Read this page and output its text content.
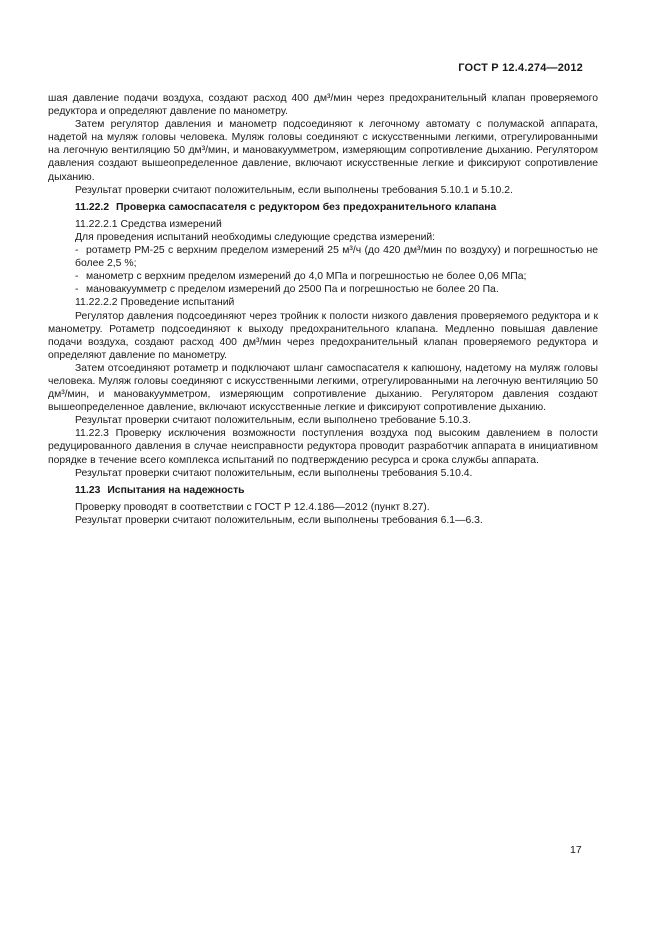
ГОСТ Р 12.4.274—2012

шая давление подачи воздуха, создают расход 400 дм³/мин через предохранительный клапан проверяемого редуктора и определяют давление по манометру.

Затем регулятор давления и манометр подсоединяют к легочному автомату с полумаской аппарата, надетой на муляж головы человека. Муляж головы соединяют с искусственными легкими, отрегулированными на легочную вентиляцию 50 дм³/мин, и мановакуумметром, измеряющим сопротивление дыханию. Регулятором давления создают вышеопределенное давление, включают искусственные легкие и фиксируют сопротивление дыханию.

Результат проверки считают положительным, если выполнены требования 5.10.1 и 5.10.2.

11.22.2 Проверка самоспасателя с редуктором без предохранительного клапана

11.22.2.1 Средства измерений

Для проведения испытаний необходимы следующие средства измерений:

- ротаметр РМ-25 с верхним пределом измерений 25 м³/ч (до 420 дм³/мин по воздуху) и погрешностью не более 2,5 %;

- манометр с верхним пределом измерений до 4,0 МПа и погрешностью не более 0,06 МПа;

- мановакуумметр с пределом измерений до 2500 Па и погрешностью не более 20 Па.

11.22.2.2 Проведение испытаний

Регулятор давления подсоединяют через тройник к полости низкого давления проверяемого редуктора и к манометру. Ротаметр подсоединяют к выходу предохранительного клапана. Медленно повышая давление подачи воздуха, создают расход 400 дм³/мин через предохранительный клапан проверяемого редуктора и определяют давление по манометру.

Затем отсоединяют ротаметр и подключают шланг самоспасателя к капюшону, надетому на муляж головы человека. Муляж головы соединяют с искусственными легкими, отрегулированными на легочную вентиляцию 50 дм³/мин, и мановакуумметром, измеряющим сопротивление дыханию. Регулятором давления создают вышеопределенное давление, включают искусственные легкие и фиксируют сопротивление дыханию.

Результат проверки считают положительным, если выполнено требование 5.10.3.

11.22.3 Проверку исключения возможности поступления воздуха под высоким давлением в полости редуцированного давления в случае неисправности редуктора проводит разработчик аппарата в инициативном порядке в течение всего комплекса испытаний по подтверждению ресурса и срока службы аппарата.

Результат проверки считают положительным, если выполнены требования 5.10.4.

11.23 Испытания на надежность

Проверку проводят в соответствии с ГОСТ Р 12.4.186—2012 (пункт 8.27).

Результат проверки считают положительным, если выполнены требования 6.1—6.3.

17
